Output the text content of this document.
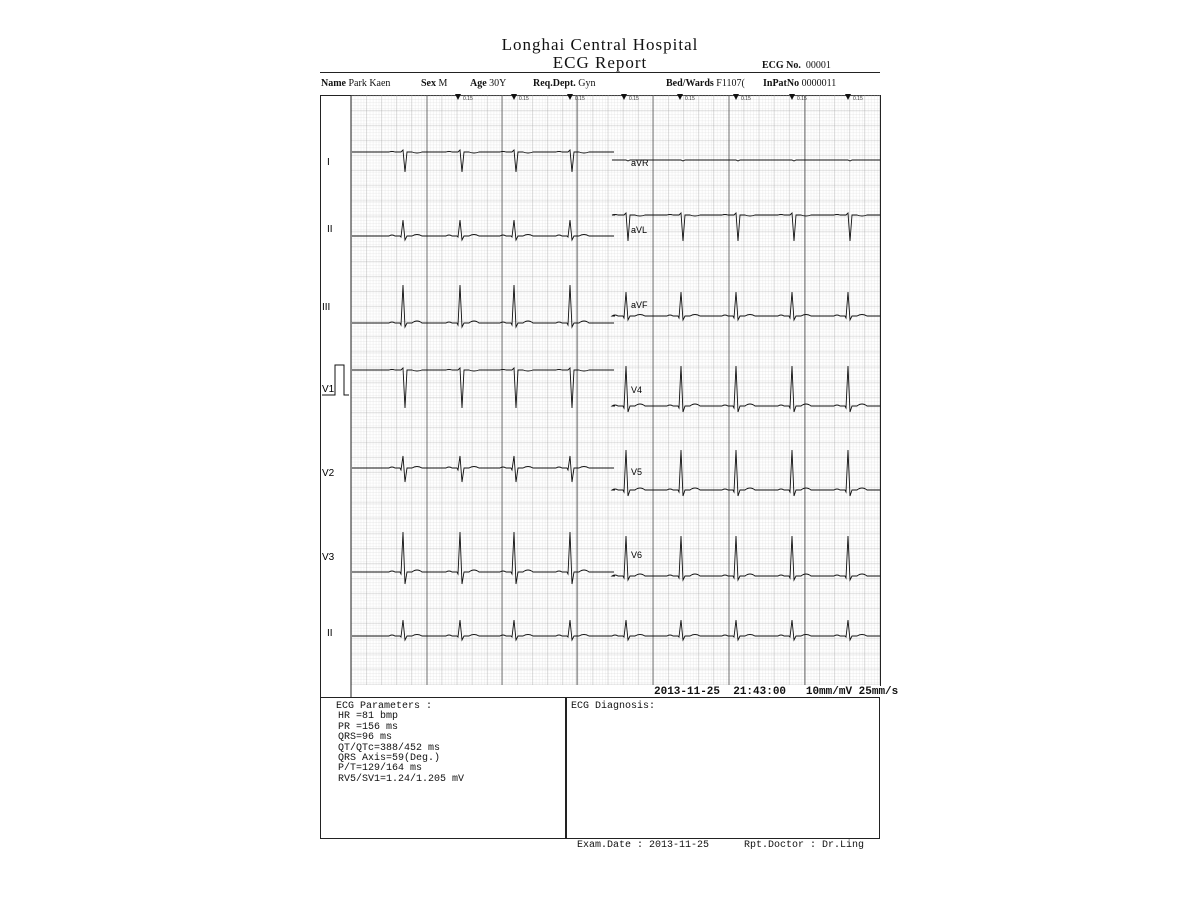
Longhai Central Hospital
ECG Report	ECG No. 00001
Name Park Kaen	Sex M Age 30Y	Req.Dept. Gyn	Bed/Wards F1107( InPatNo 0000011
0.15	0.15	0.15	0.15	0.15	0.15	0.15	0.15
I
II
III
V1
V2
V3
II
aVR
aVL
aVF
V4
V5
V6
2013-11-25  21:43:00 10mm/mV 25mm/s
ECG Parameters :
HR =81 bmp
PR =156 ms
QRS=96 ms
QT/QTc=388/452 ms
QRS Axis=59(Deg.)
P/T=129/164 ms
RV5/SV1=1.24/1.205 mV
ECG Diagnosis:
Exam.Date : 2013-11-25	Rpt.Doctor : Dr.Ling
